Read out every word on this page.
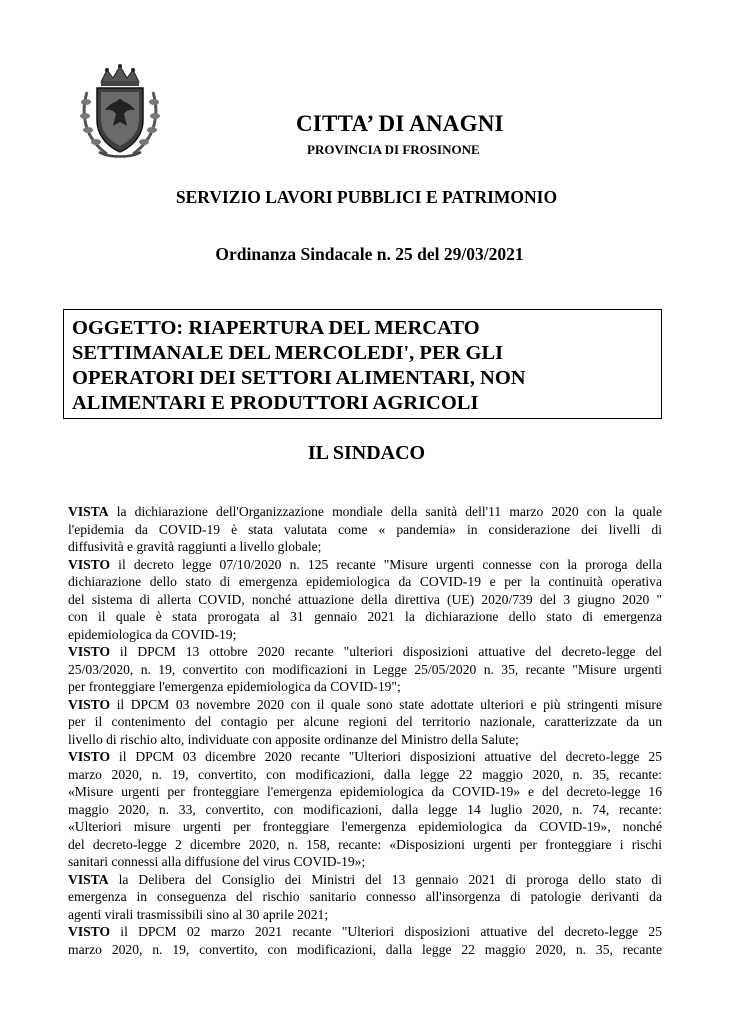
CITTA’ DI ANAGNI
PROVINCIA DI FROSINONE
SERVIZIO LAVORI PUBBLICI E PATRIMONIO
Ordinanza Sindacale n. 25 del 29/03/2021
OGGETTO: RIAPERTURA DEL MERCATO
SETTIMANALE DEL MERCOLEDI', PER GLI
OPERATORI DEI SETTORI ALIMENTARI, NON
ALIMENTARI E PRODUTTORI AGRICOLI
IL SINDACO
VISTA la dichiarazione dell'Organizzazione mondiale della sanità dell'11 marzo 2020 con la quale
l'epidemia da COVID-19 è stata valutata come « pandemia» in considerazione dei livelli di
diffusività e gravità raggiunti a livello globale;
VISTO il decreto legge 07/10/2020 n. 125 recante "Misure urgenti connesse con la proroga della
dichiarazione dello stato di emergenza epidemiologica da COVID-19 e per la continuità operativa
del sistema di allerta COVID, nonché attuazione della direttiva (UE) 2020/739 del 3 giugno 2020 "
con il quale è stata prorogata al 31 gennaio 2021 la dichiarazione dello stato di emergenza
epidemiologica da COVID-19;
VISTO il DPCM 13 ottobre 2020 recante "ulteriori disposizioni attuative del decreto-legge del
25/03/2020, n. 19, convertito con modificazioni in Legge 25/05/2020 n. 35, recante "Misure urgenti
per fronteggiare l'emergenza epidemiologica da COVID-19";
VISTO il DPCM 03 novembre 2020 con il quale sono state adottate ulteriori e più stringenti misure
per il contenimento del contagio per alcune regioni del territorio nazionale, caratterizzate da un
livello di rischio alto, individuate con apposite ordinanze del Ministro della Salute;
VISTO il DPCM 03 dicembre 2020 recante "Ulteriori disposizioni attuative del decreto-legge 25
marzo 2020, n. 19, convertito, con modificazioni, dalla legge 22 maggio 2020, n. 35, recante:
«Misure urgenti per fronteggiare l'emergenza epidemiologica da COVID-19» e del decreto-legge 16
maggio 2020, n. 33, convertito, con modificazioni, dalla legge 14 luglio 2020, n. 74, recante:
«Ulteriori misure urgenti per fronteggiare l'emergenza epidemiologica da COVID-19», nonché
del decreto-legge 2 dicembre 2020, n. 158, recante: «Disposizioni urgenti per fronteggiare i rischi
sanitari connessi alla diffusione del virus COVID-19»;
VISTA la Delibera del Consiglio dei Ministri del 13 gennaio 2021 di proroga dello stato di
emergenza in conseguenza del rischio sanitario connesso all'insorgenza di patologie derivanti da
agenti virali trasmissibili sino al 30 aprile 2021;
VISTO il DPCM 02 marzo 2021 recante "Ulteriori disposizioni attuative del decreto-legge 25
marzo 2020, n. 19, convertito, con modificazioni, dalla legge 22 maggio 2020, n. 35, recante
